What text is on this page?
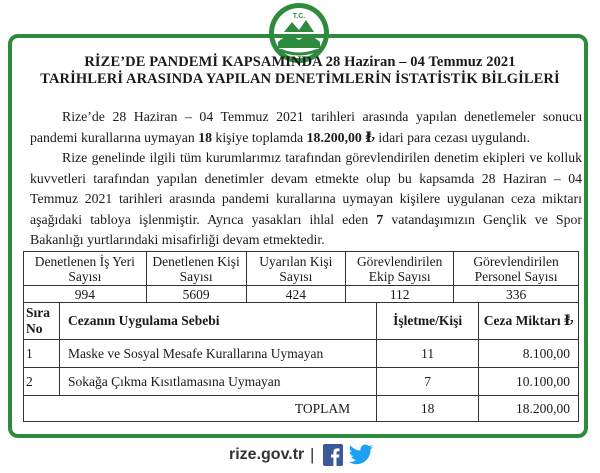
T.C.
RİZE’DE PANDEMİ KAPSAMINDA 28 Haziran – 04 Temmuz 2021
TARİHLERİ ARASINDA YAPILAN DENETİMLERİN İSTATİSTİK BİLGİLERİ
Rize’de 28 Haziran – 04 Temmuz 2021 tarihleri arasında yapılan denetlemeler sonucu pandemi kurallarına uymayan 18 kişiye toplamda 18.200,00 ₺ idari para cezası uygulandı.
Rize genelinde ilgili tüm kurumlarımız tarafından görevlendirilen denetim ekipleri ve kolluk kuvvetleri tarafından yapılan denetimler devam etmekte olup bu kapsamda 28 Haziran – 04 Temmuz 2021 tarihleri arasında pandemi kurallarına uymayan kişilere uygulanan ceza miktarı aşağıdaki tabloya işlenmiştir. Ayrıca yasakları ihlal eden 7 vatandaşımızın Gençlik ve Spor Bakanlığı yurtlarındaki misafirliği devam etmektedir.
Denetlenen İş Yeri Sayısı	Denetlenen Kişi Sayısı	Uyarılan Kişi Sayısı	Görevlendirilen Ekip Sayısı	Görevlendirilen Personel Sayısı
994	5609	424	112	336
Sıra No	Cezanın Uygulama Sebebi	İşletme/Kişi	Ceza Miktarı ₺
1	Maske ve Sosyal Mesafe Kurallarına Uymayan	11	8.100,00
2	Sokağa Çıkma Kısıtlamasına Uymayan	7	10.100,00
TOPLAM		18	18.200,00
rize.gov.tr |
